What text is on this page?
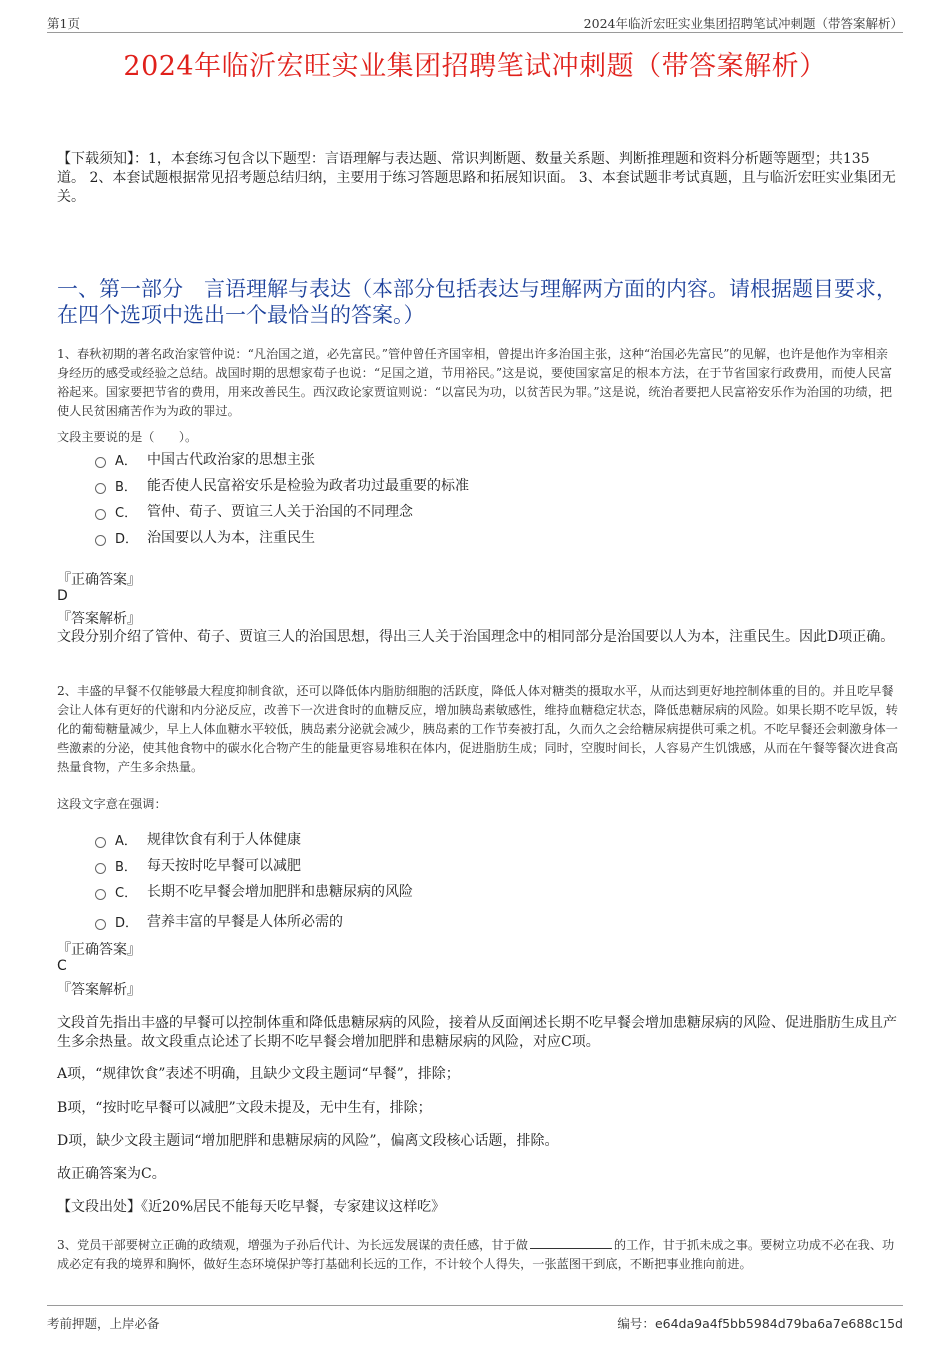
第1页	2024年临沂宏旺实业集团招聘笔试冲刺题（带答案解析）
2024年临沂宏旺实业集团招聘笔试冲刺题（带答案解析）
【下载须知】：1，本套练习包含以下题型：言语理解与表达题、常识判断题、数量关系题、判断推理题和资料分析题等题型；共135道。 2、本套试题根据常见招考题总结归纳，主要用于练习答题思路和拓展知识面。 3、本套试题非考试真题，且与临沂宏旺实业集团无关。
一、第一部分　言语理解与表达（本部分包括表达与理解两方面的内容。请根据题目要求，在四个选项中选出一个最恰当的答案。）
1、春秋初期的著名政治家管仲说：“凡治国之道，必先富民。”管仲曾任齐国宰相，曾提出许多治国主张，这种“治国必先富民”的见解，也许是他作为宰相亲身经历的感受或经验之总结。战国时期的思想家荀子也说：“足国之道，节用裕民。”这是说，要使国家富足的根本方法，在于节省国家行政费用，而使人民富裕起来。国家要把节省的费用，用来改善民生。西汉政论家贾谊则说：“以富民为功，以贫苦民为罪。”这是说，统治者要把人民富裕安乐作为治国的功绩，把使人民贫困痛苦作为为政的罪过。
文段主要说的是（　　）。
A． 中国古代政治家的思想主张
B． 能否使人民富裕安乐是检验为政者功过最重要的标准
C． 管仲、荀子、贾谊三人关于治国的不同理念
D． 治国要以人为本，注重民生
『正确答案』
D
『答案解析』
文段分别介绍了管仲、荀子、贾谊三人的治国思想，得出三人关于治国理念中的相同部分是治国要以人为本，注重民生。因此D项正确。
2、丰盛的早餐不仅能够最大程度抑制食欲，还可以降低体内脂肪细胞的活跃度，降低人体对糖类的摄取水平，从而达到更好地控制体重的目的。并且吃早餐会让人体有更好的代谢和内分泌反应，改善下一次进食时的血糖反应，增加胰岛素敏感性，维持血糖稳定状态，降低患糖尿病的风险。如果长期不吃早饭，转化的葡萄糖量减少，早上人体血糖水平较低，胰岛素分泌就会减少，胰岛素的工作节奏被打乱，久而久之会给糖尿病提供可乘之机。不吃早餐还会刺激身体一些激素的分泌，使其他食物中的碳水化合物产生的能量更容易堆积在体内，促进脂肪生成；同时，空腹时间长，人容易产生饥饿感，从而在午餐等餐次进食高热量食物，产生多余热量。
这段文字意在强调：
A． 规律饮食有利于人体健康
B． 每天按时吃早餐可以减肥
C． 长期不吃早餐会增加肥胖和患糖尿病的风险
D． 营养丰富的早餐是人体所必需的
『正确答案』
C
『答案解析』
文段首先指出丰盛的早餐可以控制体重和降低患糖尿病的风险，接着从反面阐述长期不吃早餐会增加患糖尿病的风险、促进脂肪生成且产生多余热量。故文段重点论述了长期不吃早餐会增加肥胖和患糖尿病的风险，对应C项。
A项，“规律饮食”表述不明确，且缺少文段主题词“早餐”，排除；
B项，“按时吃早餐可以减肥”文段未提及，无中生有，排除；
D项，缺少文段主题词“增加肥胖和患糖尿病的风险”，偏离文段核心话题，排除。
故正确答案为C。
【文段出处】《近20%居民不能每天吃早餐，专家建议这样吃》
3、党员干部要树立正确的政绩观，增强为子孙后代计、为长远发展谋的责任感，甘于做	的工作，甘于抓未成之事。要树立功成不必在我、功成必定有我的境界和胸怀，做好生态环境保护等打基础利长远的工作，不计较个人得失，一张蓝图干到底，不断把事业推向前进。
考前押题，上岸必备	编号：e64da9a4f5bb5984d79ba6a7e688c15d
